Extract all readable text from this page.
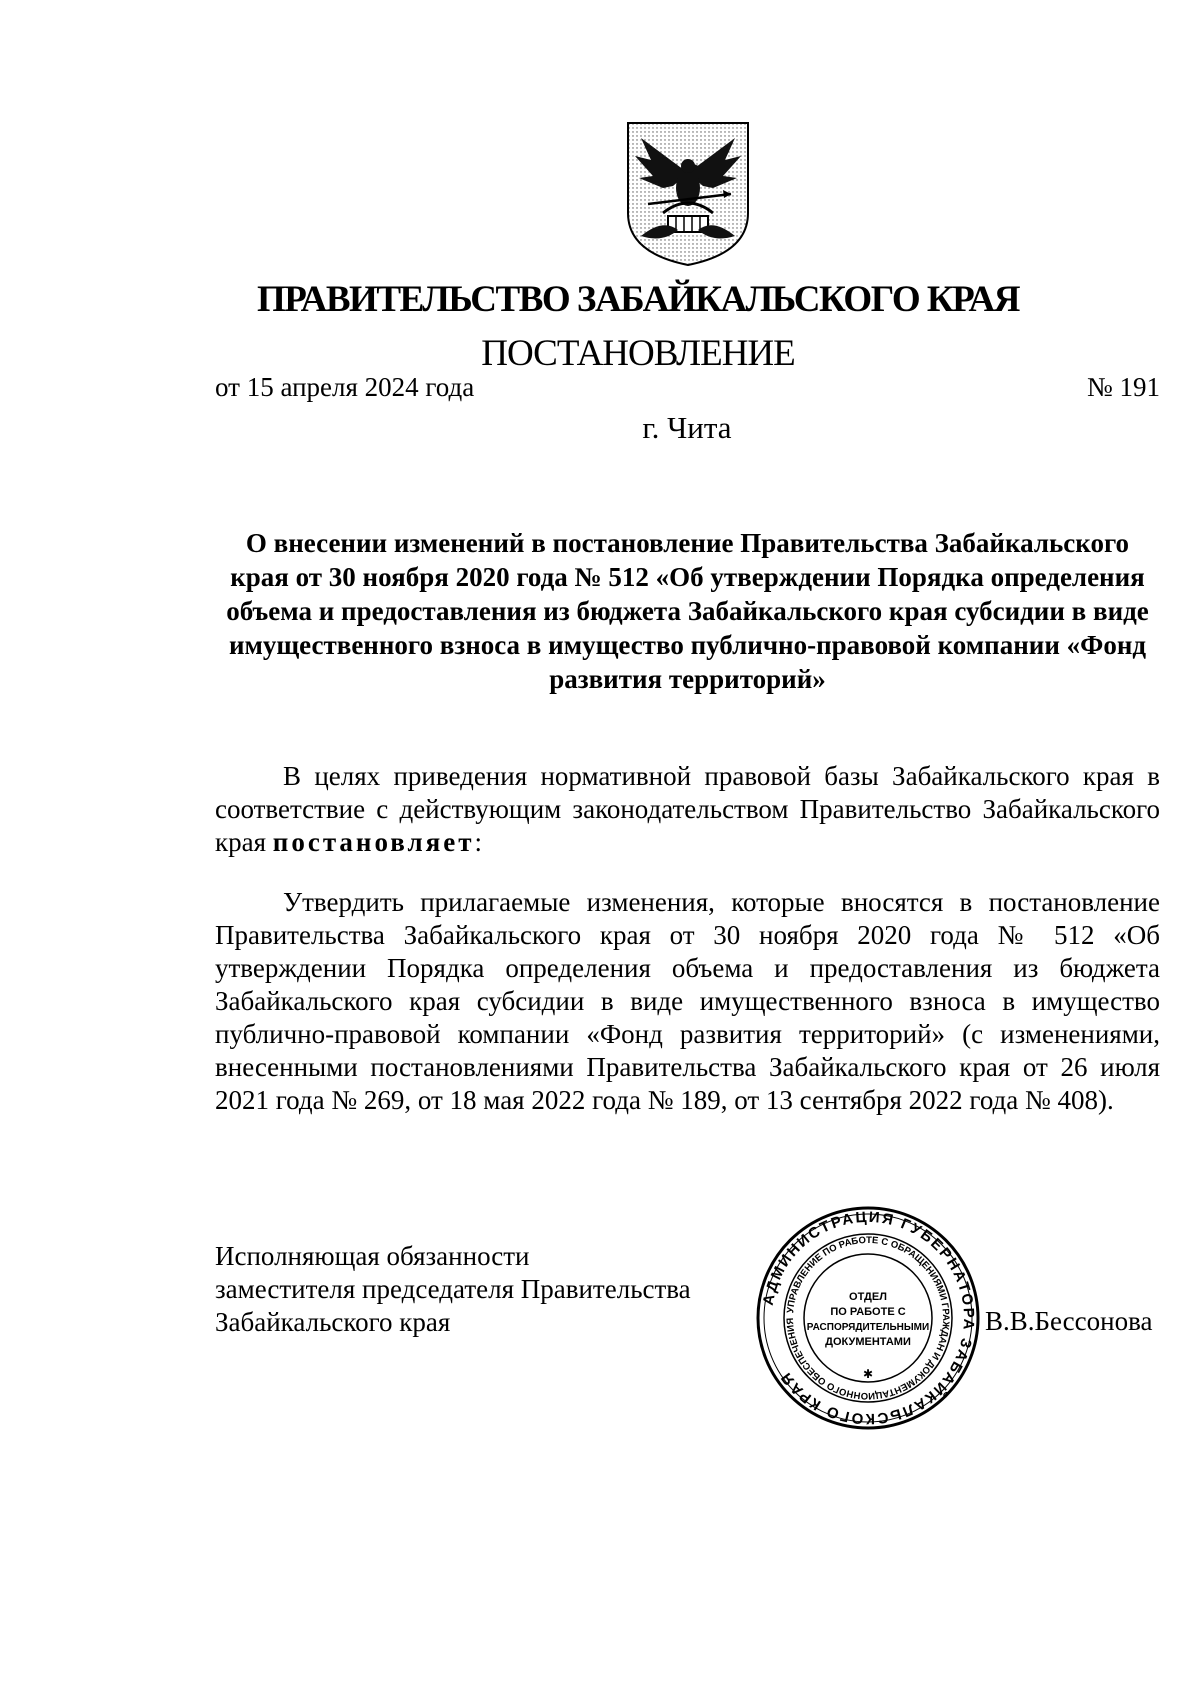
ПРАВИТЕЛЬСТВО ЗАБАЙКАЛЬСКОГО КРАЯ
ПОСТАНОВЛЕНИЕ
от 15 апреля 2024 года	№ 191
г. Чита
О внесении изменений в постановление Правительства Забайкальского края от 30 ноября 2020 года № 512 «Об утверждении Порядка определения объема и предоставления из бюджета Забайкальского края субсидии в виде имущественного взноса в имущество публично-правовой компании «Фонд развития территорий»
В целях приведения нормативной правовой базы Забайкальского края в соответствие с действующим законодательством Правительство Забайкальского края постановляет:
Утвердить прилагаемые изменения, которые вносятся в постановление Правительства Забайкальского края от 30 ноября 2020 года № 512 «Об утверждении Порядка определения объема и предоставления из бюджета Забайкальского края субсидии в виде имущественного взноса в имущество публично-правовой компании «Фонд развития территорий» (с изменениями, внесенными постановлениями Правительства Забайкальского края от 26 июля 2021 года № 269, от 18 мая 2022 года № 189, от 13 сентября 2022 года № 408).
Исполняющая обязанности
заместителя председателя Правительства
Забайкальского края
АДМИНИСТРАЦИЯ ГУБЕРНАТОРА ЗАБАЙКАЛЬСКОГО КРАЯ
УПРАВЛЕНИЕ ПО РАБОТЕ С ОБРАЩЕНИЯМИ ГРАЖДАН И ДОКУМЕНТАЦИОННОГО ОБЕСПЕЧЕНИЯ
ОТДЕЛ
ПО РАБОТЕ С
РАСПОРЯДИТЕЛЬНЫМИ
ДОКУМЕНТАМИ
✱
В.В.Бессонова
